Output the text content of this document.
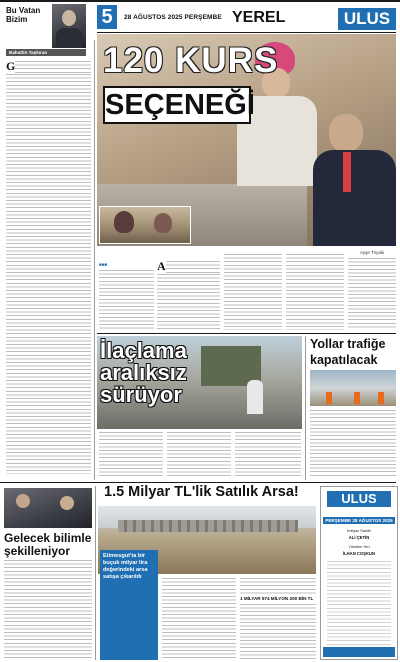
Bu Vatan
Bizim
Bahattin Taşkıran
5	28 AĞUSTOS 2025 PERŞEMBE YEREL	ULUS
G	120 KURS
SEÇENEĞİ
Ayşe Tiryaki
■■■	A
İlaçlama
aralıksız
sürüyor
Yollar trafiğe
kapatılacak
1.5 Milyar TL'lik Satılık Arsa!
Etimesgut'ta bir buçuk milyar lira değerindeki arsa satışa çıkarıldı
1 MİLYAR 574 MİLYON 200 BİN TL
Gelecek bilimle
şekilleniyor
ULUS
PERŞEMBE 28 AĞUSTOS 2025
İmtiyaz Sahibi
ALİ ÇETİN
Yönetim Yeri
İLHAN COŞKUN
